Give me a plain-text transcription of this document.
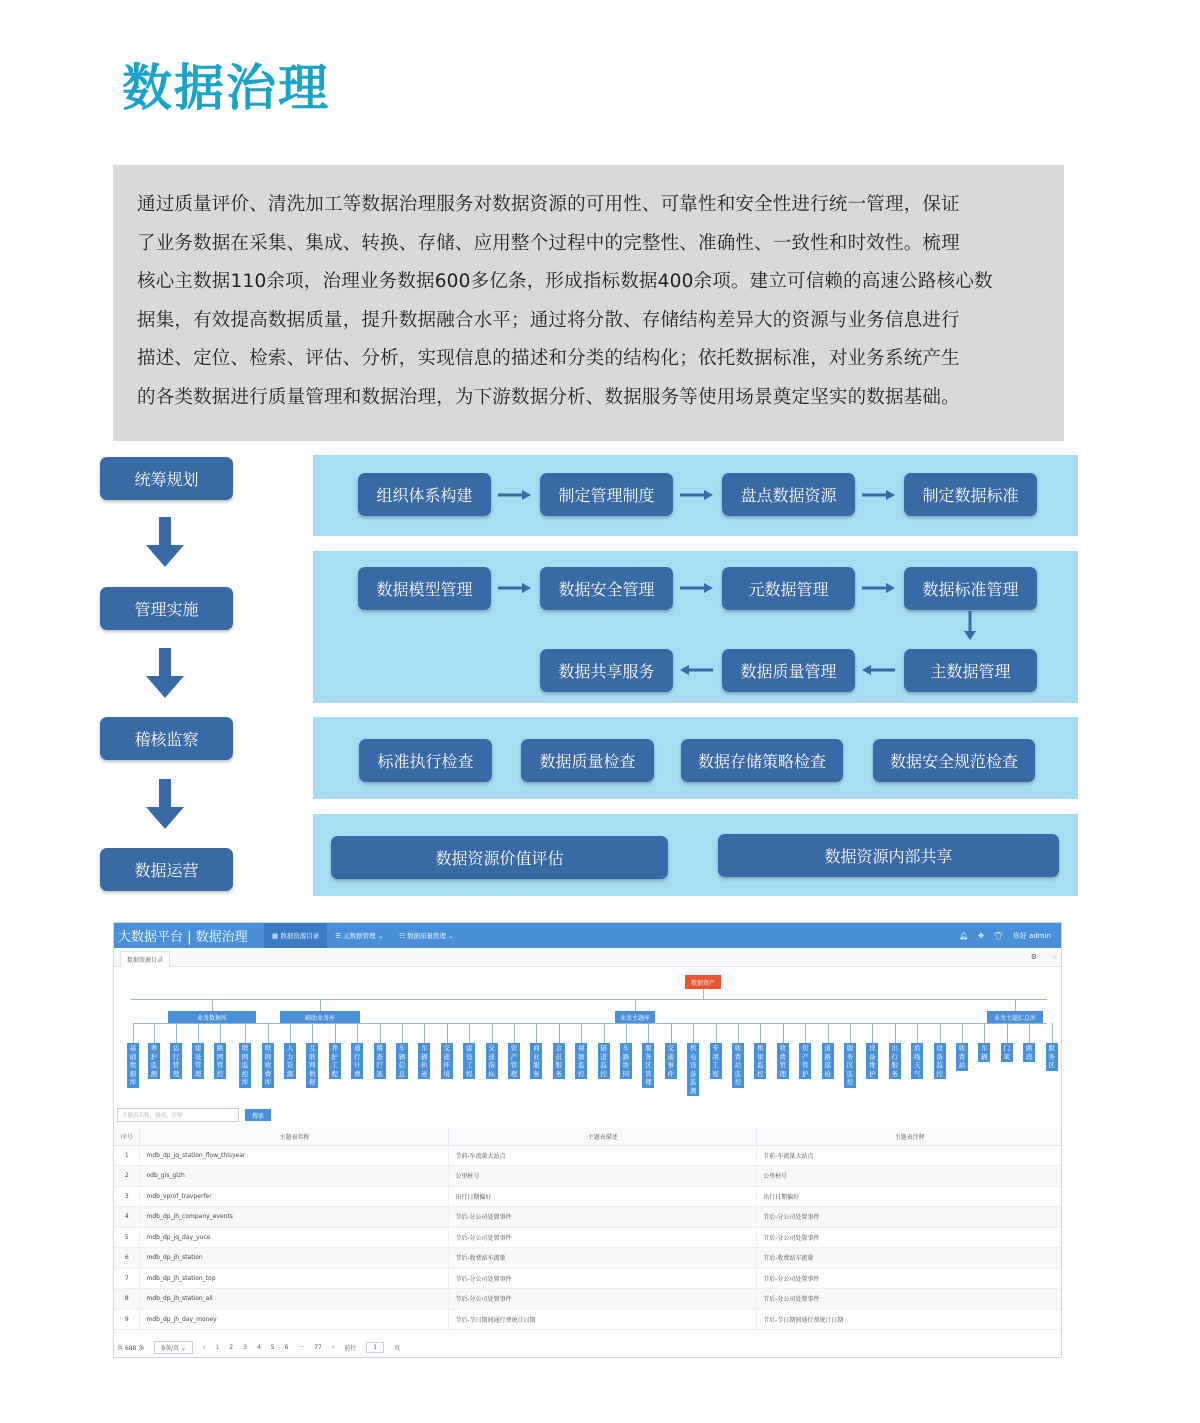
数据治理
通过质量评价、清洗加工等数据治理服务对数据资源的可用性、可靠性和安全性进行统一管理，保证
了业务数据在采集、集成、转换、存储、应用整个过程中的完整性、准确性、一致性和时效性。梳理
核心主数据110余项，治理业务数据600多亿条，形成指标数据400余项。建立可信赖的高速公路核心数
据集，有效提高数据质量，提升数据融合水平；通过将分散、存储结构差异大的资源与业务信息进行
描述、定位、检索、评估、分析，实现信息的描述和分类的结构化；依托数据标准，对业务系统产生
的各类数据进行质量管理和数据治理，为下游数据分析、数据服务等使用场景奠定坚实的数据基础。
统筹规划
管理实施
稽核监察
数据运营
组织体系构建	制定管理制度	盘点数据资源	制定数据标准
数据模型管理	数据安全管理	元数据管理	数据标准管理
数据共享服务	数据质量管理	主数据管理
标准执行检查	数据质量检查	数据存储策略检查	数据安全规范检查
数据资源价值评估	数据资源内部共享
大数据平台 | 数据治理	▦ 数据资源目录	☰ 元数据管理 ⌄	☷ 数据质量管理 ⌄	🔔︎ ✥ 👕︎ 你好 admin
数据资源目录	⚙ ⌄
数据资产
业务数据库	辅助业务库	业务主题库	业务主题汇总库
基
础
数
据
库
养
护
监
测
运
行
管
理
建
设
管
理
路
网
管
控
联
网
监
控
库
联
网
收
费
库
人
力
资
源
互
联
网
数
据
养
护
工
程
通
行
计
费
稽
查
打
逃
车
辆
信
息
车
辆
轨
迹
交
通
环
境
建
设
工
程
交
通
指
标
资
产
管
理
商
业
服
务
会
员
服
务
视
频
监
控
隧
道
监
控
车
路
协
同
服
务
区
管
理
交
通
事
件
机
电
设
备
监
测
专
项
工
程
收
费
站
监
控
桥
梁
监
控
收
费
管
理
资
产
管
护
道
路
巡
检
服
务
区
监
控
设
备
维
护
出
行
服
务
沿
线
天
气
设
备
监
控
收
费
站
车
辆
门
架
路
段
服
务
区
主题表名称、描述、注释	搜索
序号	主题表名称	主题表描述	主题表注释
1	mdb_dp_jq_station_flow_thisyear	节前-车流量大站点	节前-车流量大站点
2	odb_gis_glzh	公里桩号	公里桩号
3	mdb_vprof_travperfer	出行日期偏好	出行日期偏好
4	mdb_dp_jh_company_events	节后-分公司处置事件	节后-分公司处置事件
5	mdb_dp_jq_day_yuce	节后-分公司处置事件	节后-分公司处置事件
6	mdb_dp_jh_station	节后-收费站车流量	节后-收费站车流量
7	mdb_dp_jh_station_top	节后-分公司处置事件	节后-分公司处置事件
8	mdb_dp_jh_station_all	节后-分公司处置事件	节后-分公司处置事件
9	mdb_dp_jh_day_money	节后-节日期间通行费统计日期	节后-节日期间通行费统计日期
共 688 条	9条/页 ⌄	‹ 1 2 3 4 5 6 ··· 77 › 前往	1	页
